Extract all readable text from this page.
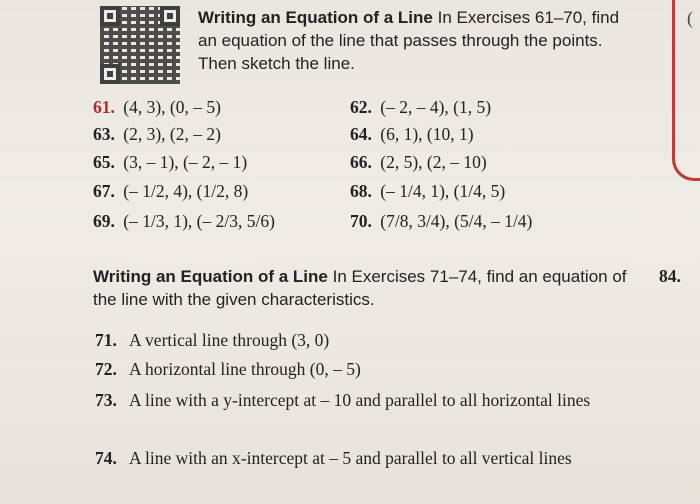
Writing an Equation of a Line In Exercises 61–70, find an equation of the line that passes through the points. Then sketch the line.
61. (4, 3), (0, – 5)	62. (– 2, – 4), (1, 5)
63. (2, 3), (2, – 2)	64. (6, 1), (10, 1)
65. (3, – 1), (– 2, – 1)	66. (2, 5), (2, – 10)
67. (– 1/2, 4), (1/2, 8)	68. (– 1/4, 1), (1/4, 5)
69. (– 1/3, 1), (– 2/3, 5/6)	70. (7/8, 3/4), (5/4, – 1/4)
Writing an Equation of a Line In Exercises 71–74, find an equation of the line with the given characteristics.
84.
71. A vertical line through (3, 0)
72. A horizontal line through (0, – 5)
73. A line with a y-intercept at – 10 and parallel to all horizontal lines
74. A line with an x-intercept at – 5 and parallel to all vertical lines
(
